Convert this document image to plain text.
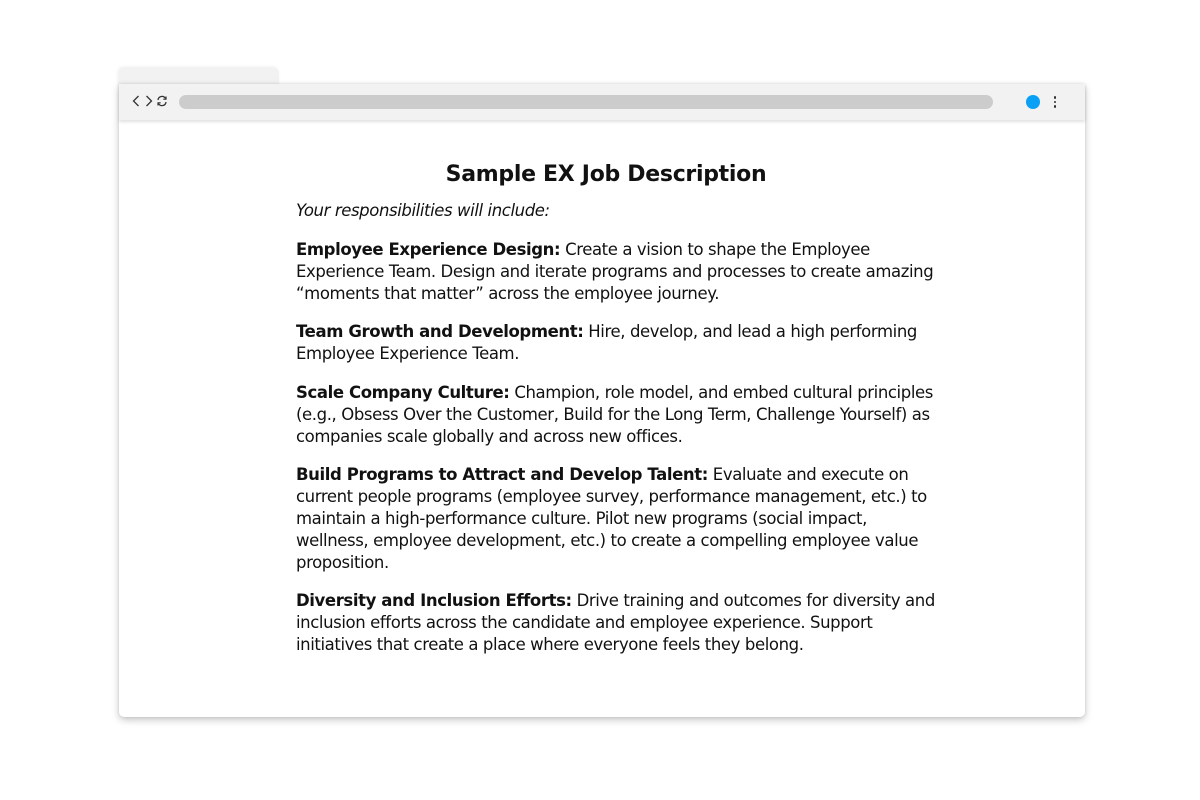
Sample EX Job Description

Your responsibilities will include:

Employee Experience Design: Create a vision to shape the Employee Experience Team. Design and iterate programs and processes to create amazing “moments that matter” across the employee journey.

Team Growth and Development: Hire, develop, and lead a high performing Employee Experience Team.

Scale Company Culture: Champion, role model, and embed cultural principles (e.g., Obsess Over the Customer, Build for the Long Term, Challenge Yourself) as companies scale globally and across new offices.

Build Programs to Attract and Develop Talent: Evaluate and execute on current people programs (employee survey, performance management, etc.) to maintain a high-performance culture. Pilot new programs (social impact, wellness, employee development, etc.) to create a compelling employee value proposition.

Diversity and Inclusion Efforts: Drive training and outcomes for diversity and inclusion efforts across the candidate and employee experience. Support initiatives that create a place where everyone feels they belong.
